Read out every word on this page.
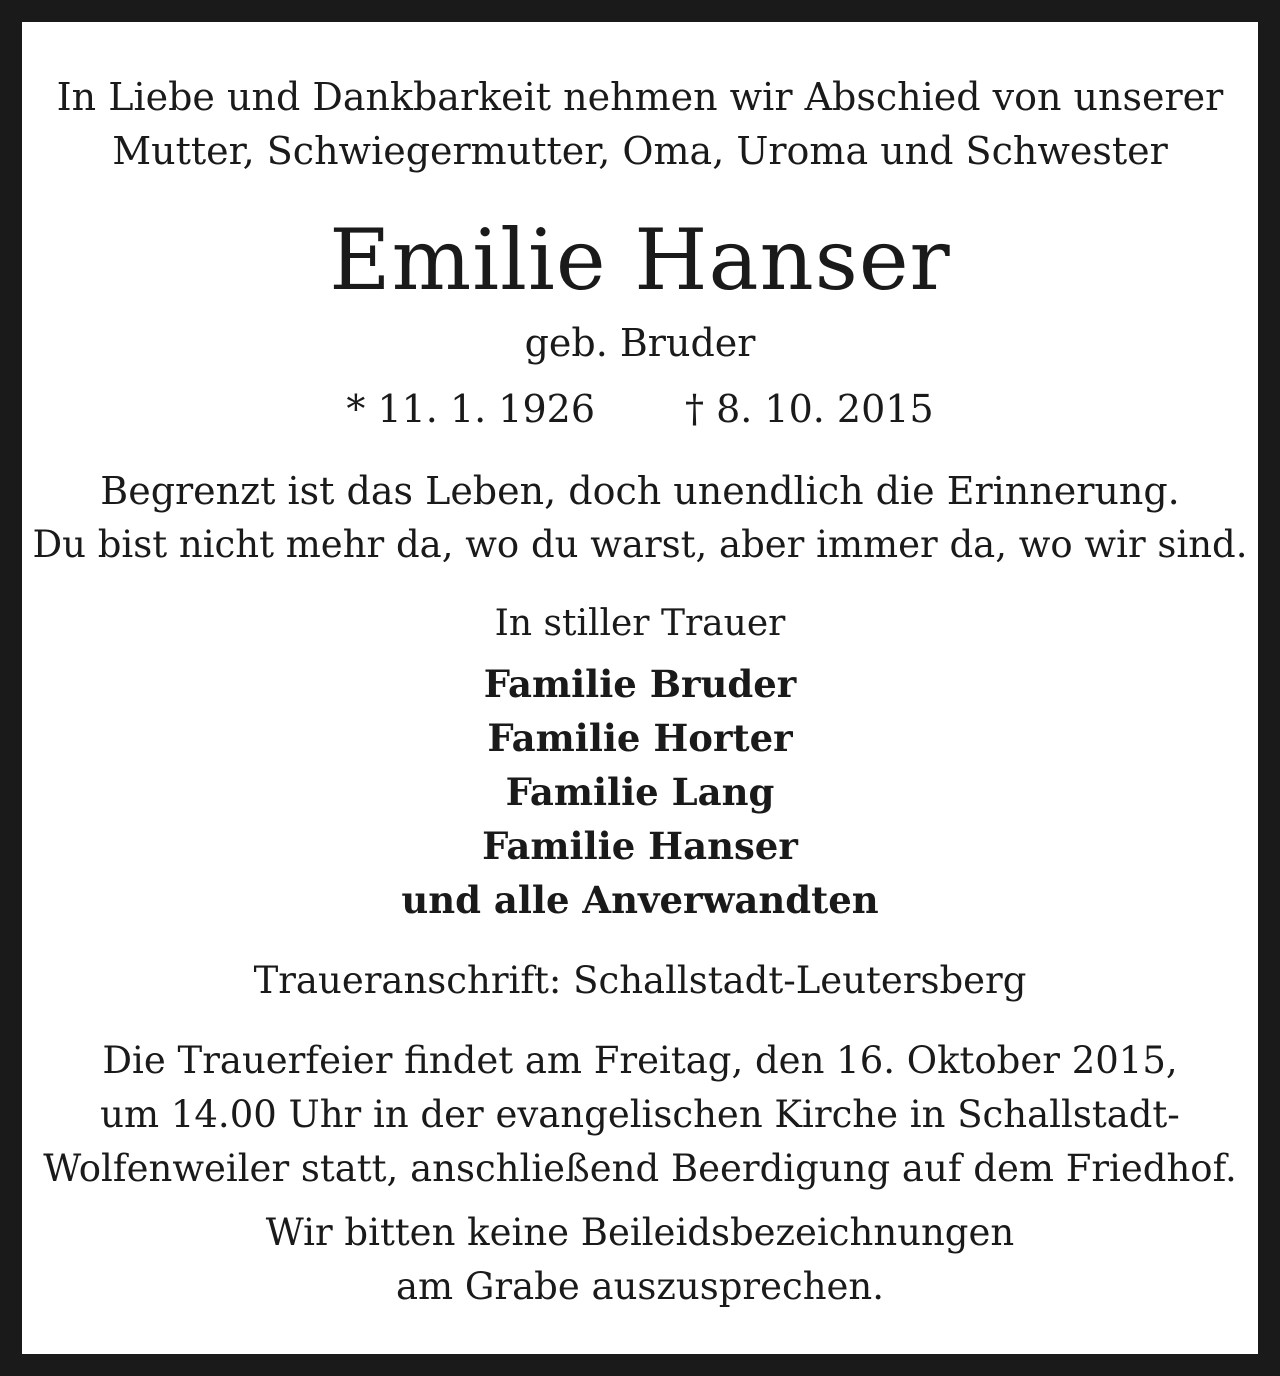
In Liebe und Dankbarkeit nehmen wir Abschied von unserer
Mutter, Schwiegermutter, Oma, Uroma und Schwester
Emilie Hanser
geb. Bruder
* 11. 1. 1926 † 8. 10. 2015
Begrenzt ist das Leben, doch unendlich die Erinnerung.
Du bist nicht mehr da, wo du warst, aber immer da, wo wir sind.
In stiller Trauer
Familie Bruder
Familie Horter
Familie Lang
Familie Hanser
und alle Anverwandten
Traueranschrift: Schallstadt-Leutersberg
Die Trauerfeier findet am Freitag, den 16. Oktober 2015,
um 14.00 Uhr in der evangelischen Kirche in Schallstadt-
Wolfenweiler statt, anschließend Beerdigung auf dem Friedhof.
Wir bitten keine Beileidsbezeichnungen
am Grabe auszusprechen.
